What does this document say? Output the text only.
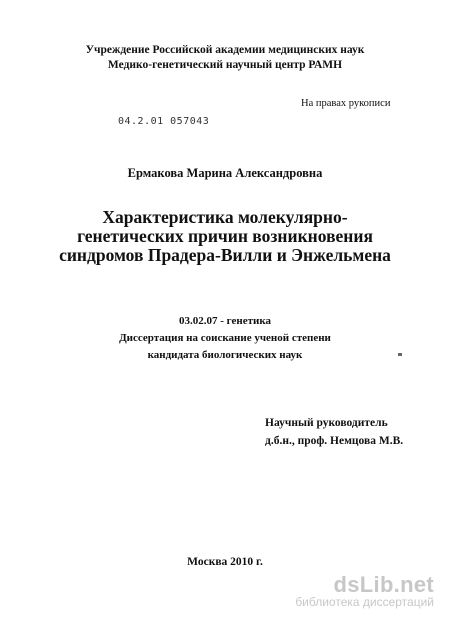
Учреждение Российской академии медицинских наук
Медико-генетический научный центр РАМН
На правах рукописи
04.2.01 057043
Ермакова Марина Александровна
Характеристика молекулярно-
генетических причин возникновения
синдромов Прадера-Вилли и Энжельмена
03.02.07 - генетика
Диссертация на соискание ученой степени
кандидата биологических наук
Научный руководитель
д.б.н., проф. Немцова М.В.
Москва 2010 г.
dsLib.net
библиотека диссертаций
